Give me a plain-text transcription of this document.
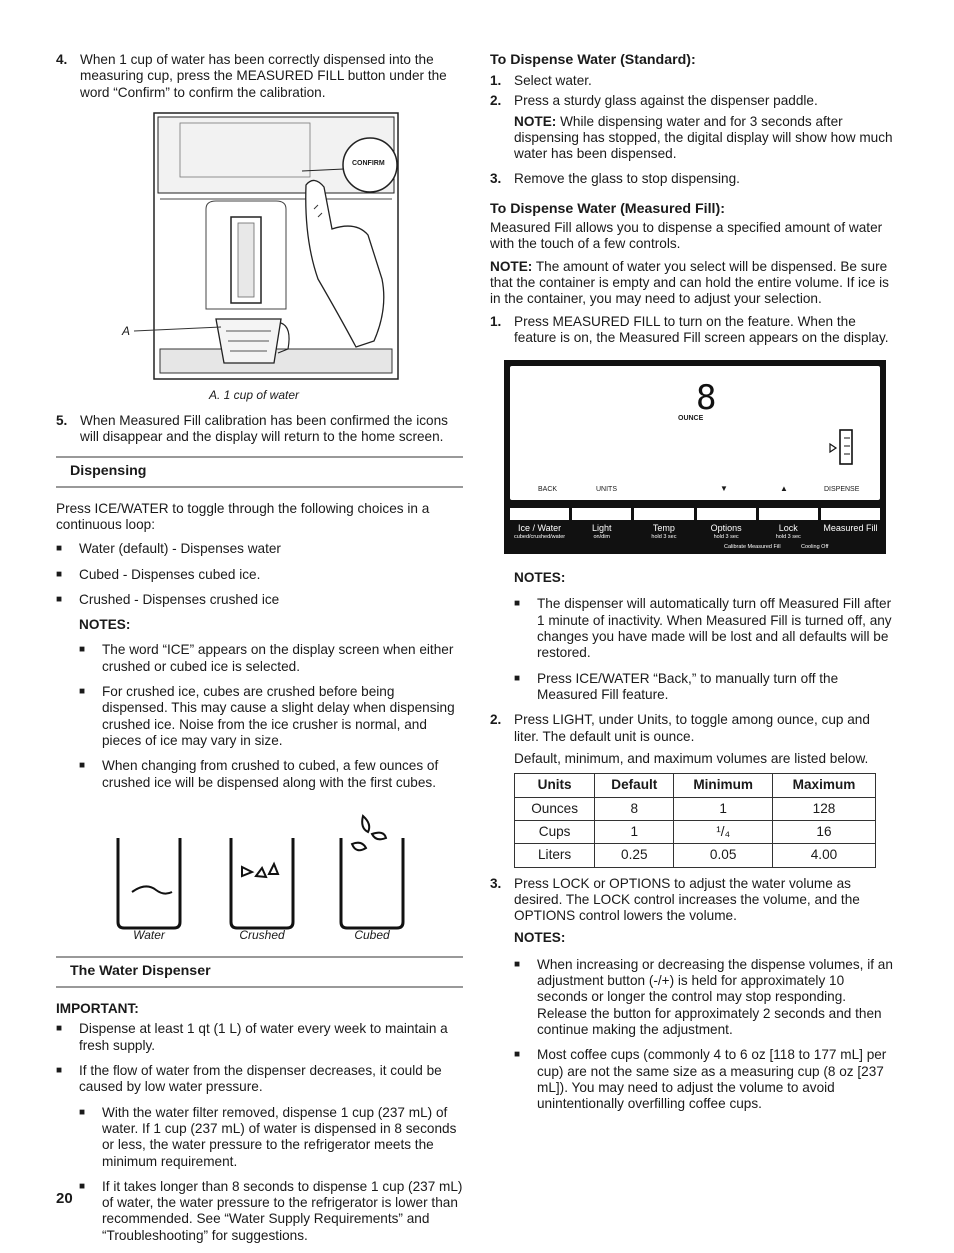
4. When 1 cup of water has been correctly dispensed into the measuring cup, press the MEASURED FILL button under the word “Confirm” to confirm the calibration.
CONFIRM
A
A. 1 cup of water
5. When Measured Fill calibration has been confirmed the icons will disappear and the display will return to the home screen.
Dispensing

Press ICE/WATER to toggle through the following choices in a continuous loop:

■	Water (default) - Dispenses water
■	Cubed - Dispenses cubed ice.
■	Crushed - Dispenses crushed ice

NOTES:

■	The word “ICE” appears on the display screen when either crushed or cubed ice is selected.
■	For crushed ice, cubes are crushed before being dispensed. This may cause a slight delay when dispensing crushed ice. Noise from the ice crusher is normal, and pieces of ice may vary in size.
■	When changing from crushed to cubed, a few ounces of crushed ice will be dispensed along with the first cubes.
Water	Crushed	Cubed
The Water Dispenser

IMPORTANT:

■	Dispense at least 1 qt (1 L) of water every week to maintain a fresh supply.
■	If the flow of water from the dispenser decreases, it could be caused by low water pressure.
■	With the water filter removed, dispense 1 cup (237 mL) of water. If 1 cup (237 mL) of water is dispensed in 8 seconds or less, the water pressure to the refrigerator meets the minimum requirement.
■	If it takes longer than 8 seconds to dispense 1 cup (237 mL) of water, the water pressure to the refrigerator is lower than recommended. See “Water Supply Requirements” and “Troubleshooting” for suggestions.
20
To Dispense Water (Standard):
1. Select water.
2. Press a sturdy glass against the dispenser paddle.

NOTE: While dispensing water and for 3 seconds after dispensing has stopped, the digital display will show how much water has been dispensed.

3. Remove the glass to stop dispensing.
To Dispense Water (Measured Fill):

Measured Fill allows you to dispense a specified amount of water with the touch of a few controls.

NOTE: The amount of water you select will be dispensed. Be sure that the container is empty and can hold the entire volume. If ice is in the container, you may need to adjust your selection.

1. Press MEASURED FILL to turn on the feature. When the feature is on, the Measured Fill screen appears on the display.
8
OUNCE
BACK	UNITS	▼	▲	DISPENSE
Ice / Water
cubed/crushed/water
Light
on/dim
Temp
hold 3 sec
Options
hold 3 sec
Lock
hold 3 sec
Measured Fill
Calibrate Measured Fill	Cooling Off

NOTES:

■	The dispenser will automatically turn off Measured Fill after 1 minute of inactivity. When Measured Fill is turned off, any changes you have made will be lost and all defaults will be restored.
■	Press ICE/WATER “Back,” to manually turn off the Measured Fill feature.
2. Press LIGHT, under Units, to toggle among ounce, cup and liter. The default unit is ounce.

Default, minimum, and maximum volumes are listed below.

Units	Default	Minimum	Maximum
Ounces	8	1	128
Cups	1	¹/₄	16
Liters	0.25	0.05	4.00
3. Press LOCK or OPTIONS to adjust the water volume as desired. The LOCK control increases the volume, and the OPTIONS control lowers the volume.

NOTES:

■	When increasing or decreasing the dispense volumes, if an adjustment button (-/+) is held for approximately 10 seconds or longer the control may stop responding. Release the button for approximately 2 seconds and then continue making the adjustment.
■	Most coffee cups (commonly 4 to 6 oz [118 to 177 mL] per cup) are not the same size as a measuring cup (8 oz [237 mL]). You may need to adjust the volume to avoid unintentionally overfilling coffee cups.
